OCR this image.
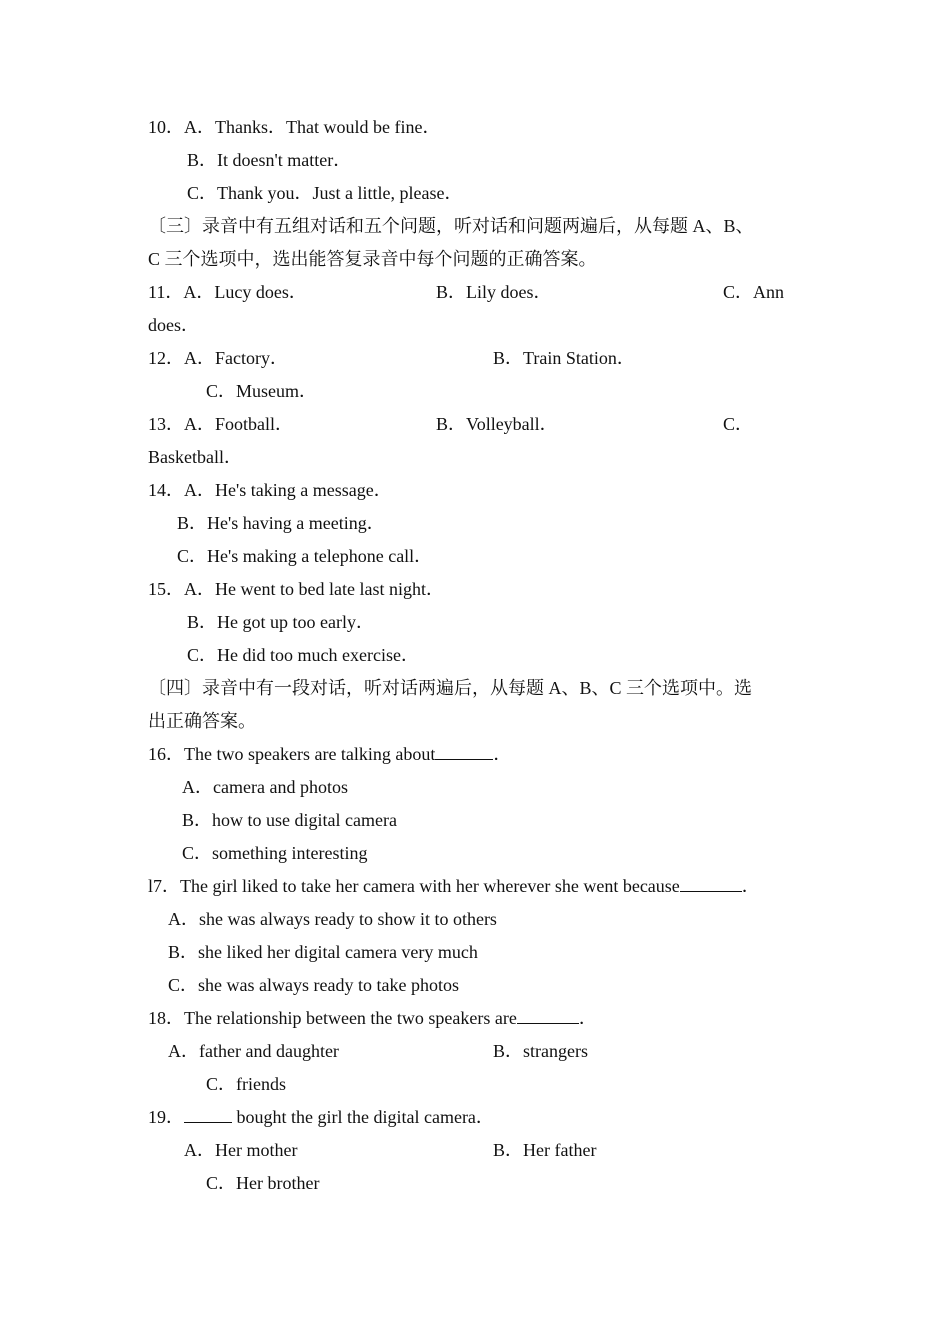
10．A．Thanks．That would be fine．
B．It doesn't matter．
C．Thank you．Just a little, please．
〔三〕录音中有五组对话和五个问题，听对话和问题两遍后，从每题 A、B、
C 三个选项中，选出能答复录音中每个问题的正确答案。
11．A．Lucy does．	B．Lily does．	C．Ann
does．
12．A．Factory．	B．Train Station．
C．Museum．
13．A．Football．	B．Volleyball．	C．
Basketball．
14．A．He's taking a message．
B．He's having a meeting．
C．He's making a telephone call．
15．A．He went to bed late last night．
B．He got up too early．
C．He did too much exercise．
〔四〕录音中有一段对话，听对话两遍后，从每题 A、B、C 三个选项中。选
出正确答案。
16．The two speakers are talking about	．
A．camera and photos
B．how to use digital camera
C．something interesting
l7．The girl liked to take her camera with her wherever she went because	．
A．she was always ready to show it to others
B．she liked her digital camera very much
C．she was always ready to take photos
18．The relationship between the two speakers are	．
A．father and daughter	B．strangers
C．friends
19．	bought the girl the digital camera．
A．Her mother	B．Her father
C．Her brother
